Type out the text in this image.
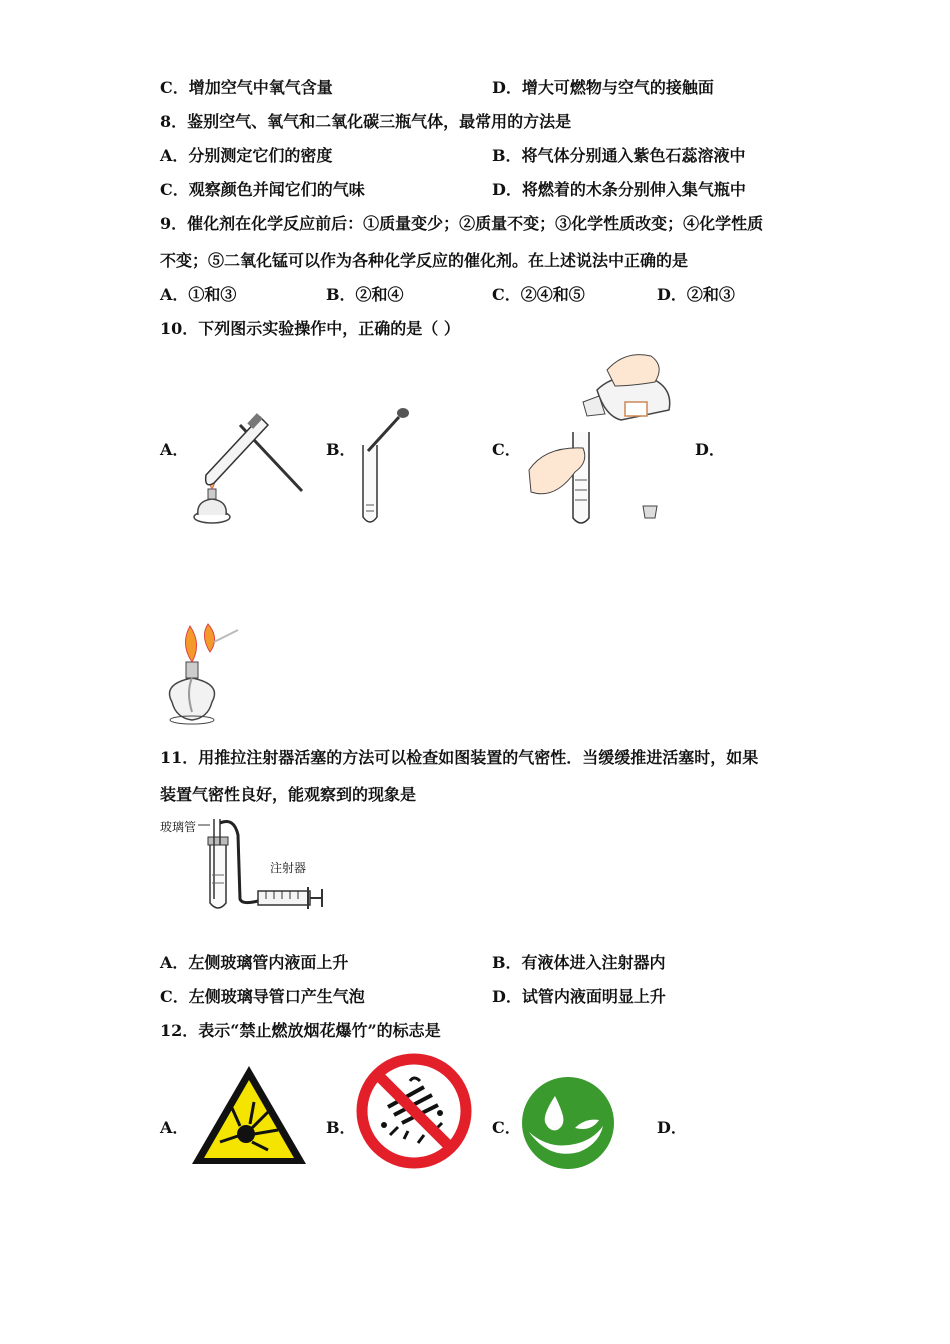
C．增加空气中氧气含量	D．增大可燃物与空气的接触面
8．鉴别空气、氧气和二氧化碳三瓶气体，最常用的方法是
A．分别测定它们的密度	B．将气体分别通入紫色石蕊溶液中
C．观察颜色并闻它们的气味	D．将燃着的木条分别伸入集气瓶中
9．催化剂在化学反应前后：①质量变少；②质量不变；③化学性质改变；④化学性质
不变；⑤二氧化锰可以作为各种化学反应的催化剂。在上述说法中正确的是
A．①和③	B．②和④	C．②④和⑤	D．②和③
10．下列图示实验操作中，正确的是（ ）
A．	B．	C．	D．
11．用推拉注射器活塞的方法可以检查如图装置的气密性．当缓缓推进活塞时，如果
装置气密性良好，能观察到的现象是
玻璃管
注射器
A．左侧玻璃管内液面上升	B．有液体进入注射器内
C．左侧玻璃导管口产生气泡	D．试管内液面明显上升
12．表示“禁止燃放烟花爆竹”的标志是
A．	B．	C．	D．
